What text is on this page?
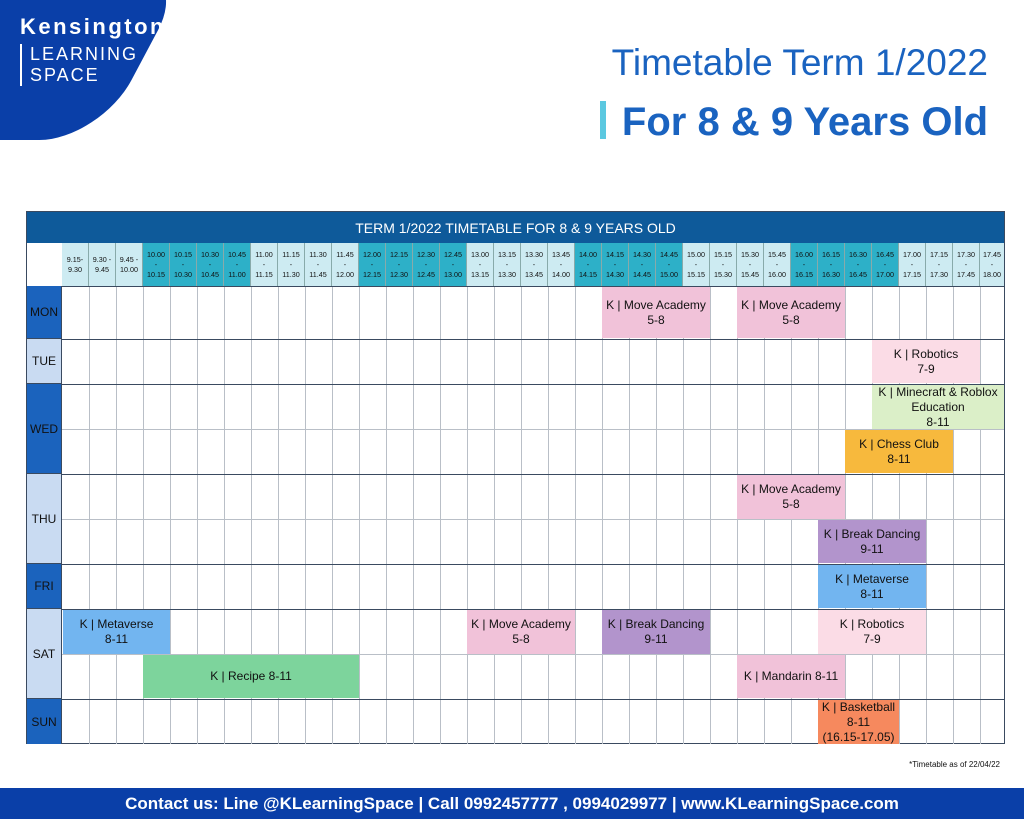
Kensington
LEARNING
SPACE	Timetable Term 1/2022
For 8 & 9 Years Old
TERM 1/2022 TIMETABLE FOR 8 & 9 YEARS OLD
9.15-
9.30
9.30 -
9.45
9.45 -
10.00
10.00
-
10.15
10.15
-
10.30
10.30
-
10.45
10.45
-
11.00
11.00
-
11.15
11.15
-
11.30
11.30
-
11.45
11.45
-
12.00
12.00
-
12.15
12.15
-
12.30
12.30
-
12.45
12.45
-
13.00
13.00
-
13.15
13.15
-
13.30
13.30
-
13.45
13.45
-
14.00
14.00
-
14.15
14.15
-
14.30
14.30
-
14.45
14.45
-
15.00
15.00
-
15.15
15.15
-
15.30
15.30
-
15.45
15.45
-
16.00
16.00
-
16.15
16.15
-
16.30
16.30
-
16.45
16.45
-
17.00
17.00
-
17.15
17.15
-
17.30
17.30
-
17.45
17.45
-
18.00
MON
TUE
WED
THU
FRI
SAT
SUN
K | Move Academy
5-8
K | Move Academy
5-8
K | Robotics
7-9
K | Minecraft & Roblox
Education
8-11
K | Chess Club
8-11
K | Move Academy
5-8
K | Break Dancing
9-11
K | Metaverse
8-11
K | Metaverse
8-11
K | Move Academy
5-8
K | Break Dancing
9-11
K | Robotics
7-9
K | Recipe 8-11	K | Mandarin 8-11
K | Basketball
8-11
(16.15-17.05)
*Timetable as of 22/04/22
Contact us: Line @KLearningSpace | Call 0992457777 , 0994029977 | www.KLearningSpace.com
